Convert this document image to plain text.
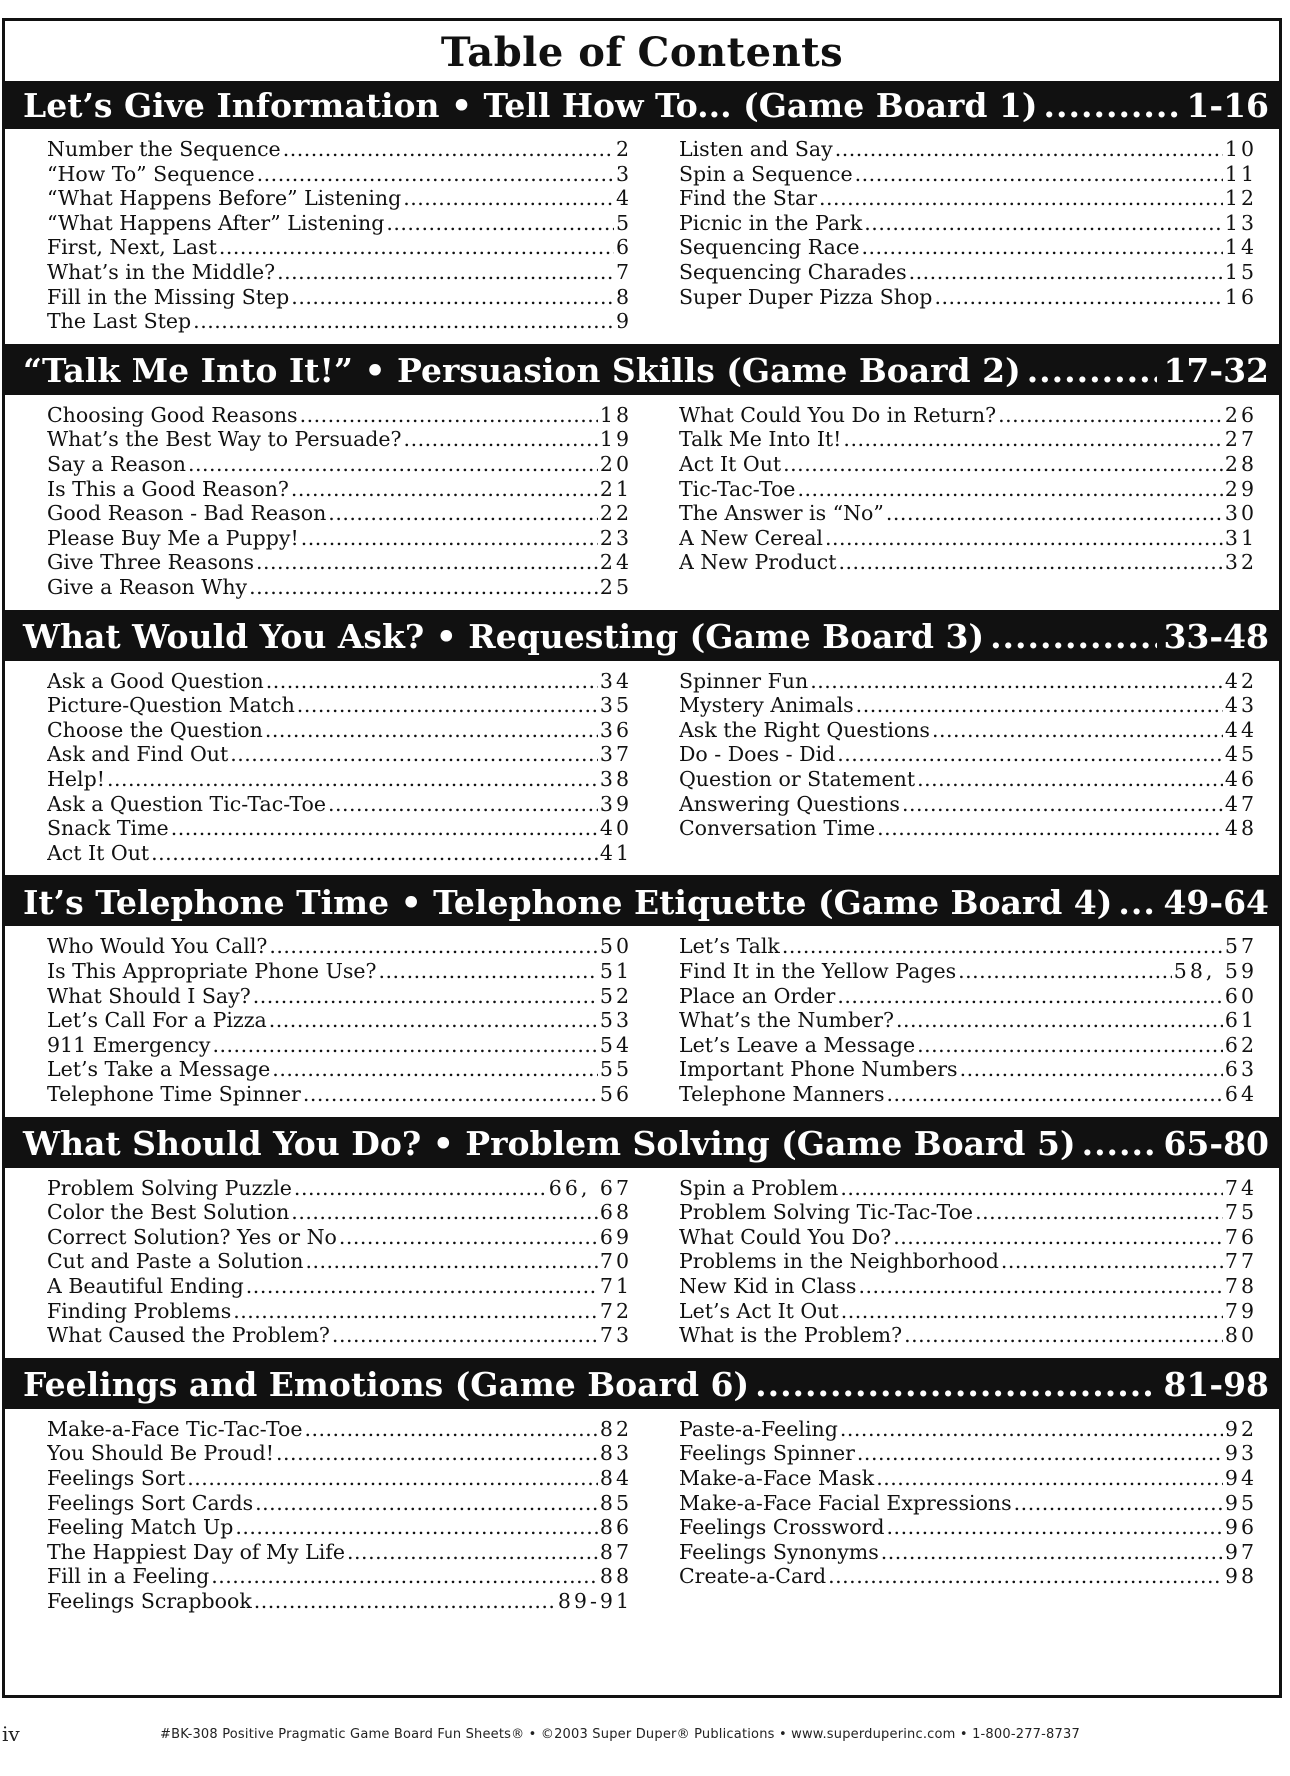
Table of Contents
Let’s Give Information • Tell How To... (Game Board 1) .....	1-16
Number the Sequence .....	2
“How To” Sequence .....	3
“What Happens Before” Listening .....	4
“What Happens After” Listening .....	5
First, Next, Last .....	6
What’s in the Middle? .....	7
Fill in the Missing Step .....	8
The Last Step .....	9
Listen and Say .....	10
Spin a Sequence .....	11
Find the Star .....	12
Picnic in the Park .....	13
Sequencing Race .....	14
Sequencing Charades .....	15
Super Duper Pizza Shop .....	16
“Talk Me Into It!” • Persuasion Skills (Game Board 2) .....	17-32
Choosing Good Reasons .....	18
What’s the Best Way to Persuade? .....	19
Say a Reason .....	20
Is This a Good Reason? .....	21
Good Reason - Bad Reason .....	22
Please Buy Me a Puppy! .....	23
Give Three Reasons .....	24
Give a Reason Why .....	25
What Could You Do in Return? .....	26
Talk Me Into It! .....	27
Act It Out .....	28
Tic-Tac-Toe .....	29
The Answer is “No” .....	30
A New Cereal .....	31
A New Product .....	32
What Would You Ask? • Requesting (Game Board 3) .....	33-48
Ask a Good Question .....	34
Picture-Question Match .....	35
Choose the Question .....	36
Ask and Find Out .....	37
Help! .....	38
Ask a Question Tic-Tac-Toe .....	39
Snack Time .....	40
Act It Out .....	41
Spinner Fun .....	42
Mystery Animals .....	43
Ask the Right Questions .....	44
Do - Does - Did .....	45
Question or Statement .....	46
Answering Questions .....	47
Conversation Time .....	48
It’s Telephone Time • Telephone Etiquette (Game Board 4) ..... 49-64
Who Would You Call? .....	50
Is This Appropriate Phone Use? .....	51
What Should I Say? .....	52
Let’s Call For a Pizza .....	53
911 Emergency .....	54
Let’s Take a Message .....	55
Telephone Time Spinner .....	56
Let’s Talk .....	57
Find It in the Yellow Pages .....	58, 59
Place an Order .....	60
What’s the Number? .....	61
Let’s Leave a Message .....	62
Important Phone Numbers .....	63
Telephone Manners .....	64
What Should You Do? • Problem Solving (Game Board 5) .....	65-80
Problem Solving Puzzle .....	66, 67
Color the Best Solution .....	68
Correct Solution? Yes or No .....	69
Cut and Paste a Solution .....	70
A Beautiful Ending .....	71
Finding Problems .....	72
What Caused the Problem? .....	73
Spin a Problem .....	74
Problem Solving Tic-Tac-Toe .....	75
What Could You Do? .....	76
Problems in the Neighborhood .....	77
New Kid in Class .....	78
Let’s Act It Out .....	79
What is the Problem? .....	80
Feelings and Emotions (Game Board 6) .....	81-98
Make-a-Face Tic-Tac-Toe .....	82
You Should Be Proud! .....	83
Feelings Sort .....	84
Feelings Sort Cards .....	85
Feeling Match Up .....	86
The Happiest Day of My Life .....	87
Fill in a Feeling .....	88
Feelings Scrapbook .....	89-91
Paste-a-Feeling .....	92
Feelings Spinner .....	93
Make-a-Face Mask .....	94
Make-a-Face Facial Expressions .....	95
Feelings Crossword .....	96
Feelings Synonyms .....	97
Create-a-Card .....	98
iv	#BK-308 Positive Pragmatic Game Board Fun Sheets® • ©2003 Super Duper® Publications • www.superduperinc.com • 1-800-277-8737
